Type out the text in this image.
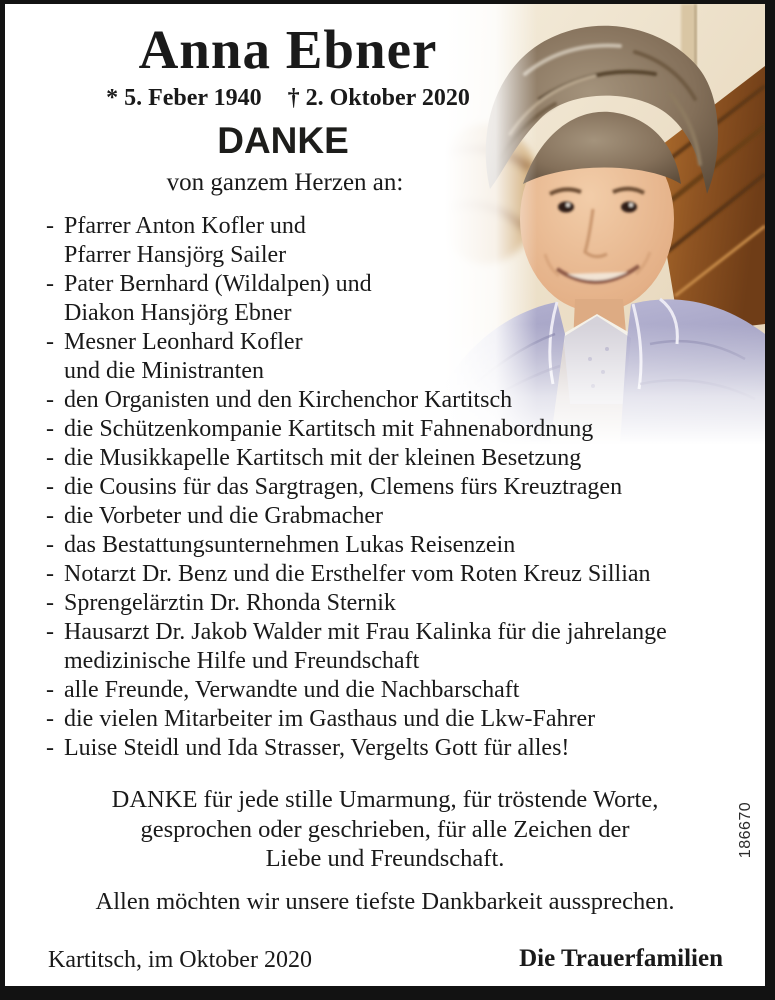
Anna Ebner
* 5. Feber 1940 † 2. Oktober 2020
DANKE
von ganzem Herzen an:
- Pfarrer Anton Kofler und
Pfarrer Hansjörg Sailer
- Pater Bernhard (Wildalpen) und
Diakon Hansjörg Ebner
- Mesner Leonhard Kofler
und die Ministranten
- den Organisten und den Kirchenchor Kartitsch
- die Schützenkompanie Kartitsch mit Fahnenabordnung
- die Musikkapelle Kartitsch mit der kleinen Besetzung
- die Cousins für das Sargtragen, Clemens fürs Kreuztragen
- die Vorbeter und die Grabmacher
- das Bestattungsunternehmen Lukas Reisenzein
- Notarzt Dr. Benz und die Ersthelfer vom Roten Kreuz Sillian
- Sprengelärztin Dr. Rhonda Sternik
- Hausarzt Dr. Jakob Walder mit Frau Kalinka für die jahrelange
medizinische Hilfe und Freundschaft
- alle Freunde, Verwandte und die Nachbarschaft
- die vielen Mitarbeiter im Gasthaus und die Lkw-Fahrer
- Luise Steidl und Ida Strasser, Vergelts Gott für alles!
DANKE für jede stille Umarmung, für tröstende Worte,
gesprochen oder geschrieben, für alle Zeichen der
Liebe und Freundschaft.
Allen möchten wir unsere tiefste Dankbarkeit aussprechen.
Kartitsch, im Oktober 2020	Die Trauerfamilien
186670
